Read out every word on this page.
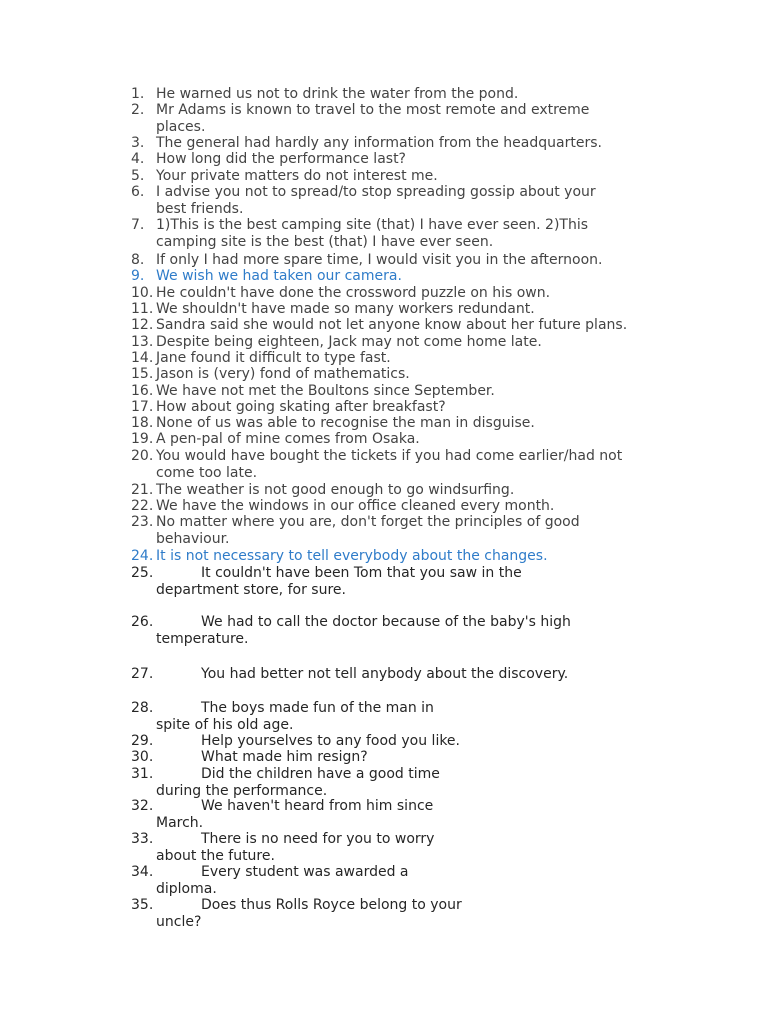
1. He warned us not to drink the water from the pond.
2. Mr Adams is known to travel to the most remote and extreme
places.
3. The general had hardly any information from the headquarters.
4. How long did the performance last?
5. Your private matters do not interest me.
6. I advise you not to spread/to stop spreading gossip about your
best friends.
7. 1)This is the best camping site (that) I have ever seen. 2)This
camping site is the best (that) I have ever seen.
8. If only I had more spare time, I would visit you in the afternoon.
9. We wish we had taken our camera.
10. He couldn't have done the crossword puzzle on his own.
11. We shouldn't have made so many workers redundant.
12. Sandra said she would not let anyone know about her future plans.
13. Despite being eighteen, Jack may not come home late.
14. Jane found it difficult to type fast.
15. Jason is (very) fond of mathematics.
16. We have not met the Boultons since September.
17. How about going skating after breakfast?
18. None of us was able to recognise the man in disguise.
19. A pen-pal of mine comes from Osaka.
20. You would have bought the tickets if you had come earlier/had not
come too late.
21. The weather is not good enough to go windsurfing.
22. We have the windows in our office cleaned every month.
23. No matter where you are, don't forget the principles of good
behaviour.
24. It is not necessary to tell everybody about the changes.
25.	It couldn't have been Tom that you saw in the
department store, for sure.
26.	We had to call the doctor because of the baby's high
temperature.
27.	You had better not tell anybody about the discovery.
28.	The boys made fun of the man in
spite of his old age.
29.	Help yourselves to any food you like.
30.	What made him resign?
31.	Did the children have a good time
during the performance.
32.	We haven't heard from him since
March.
33.	There is no need for you to worry
about the future.
34.	Every student was awarded a
diploma.
35.	Does thus Rolls Royce belong to your
uncle?
